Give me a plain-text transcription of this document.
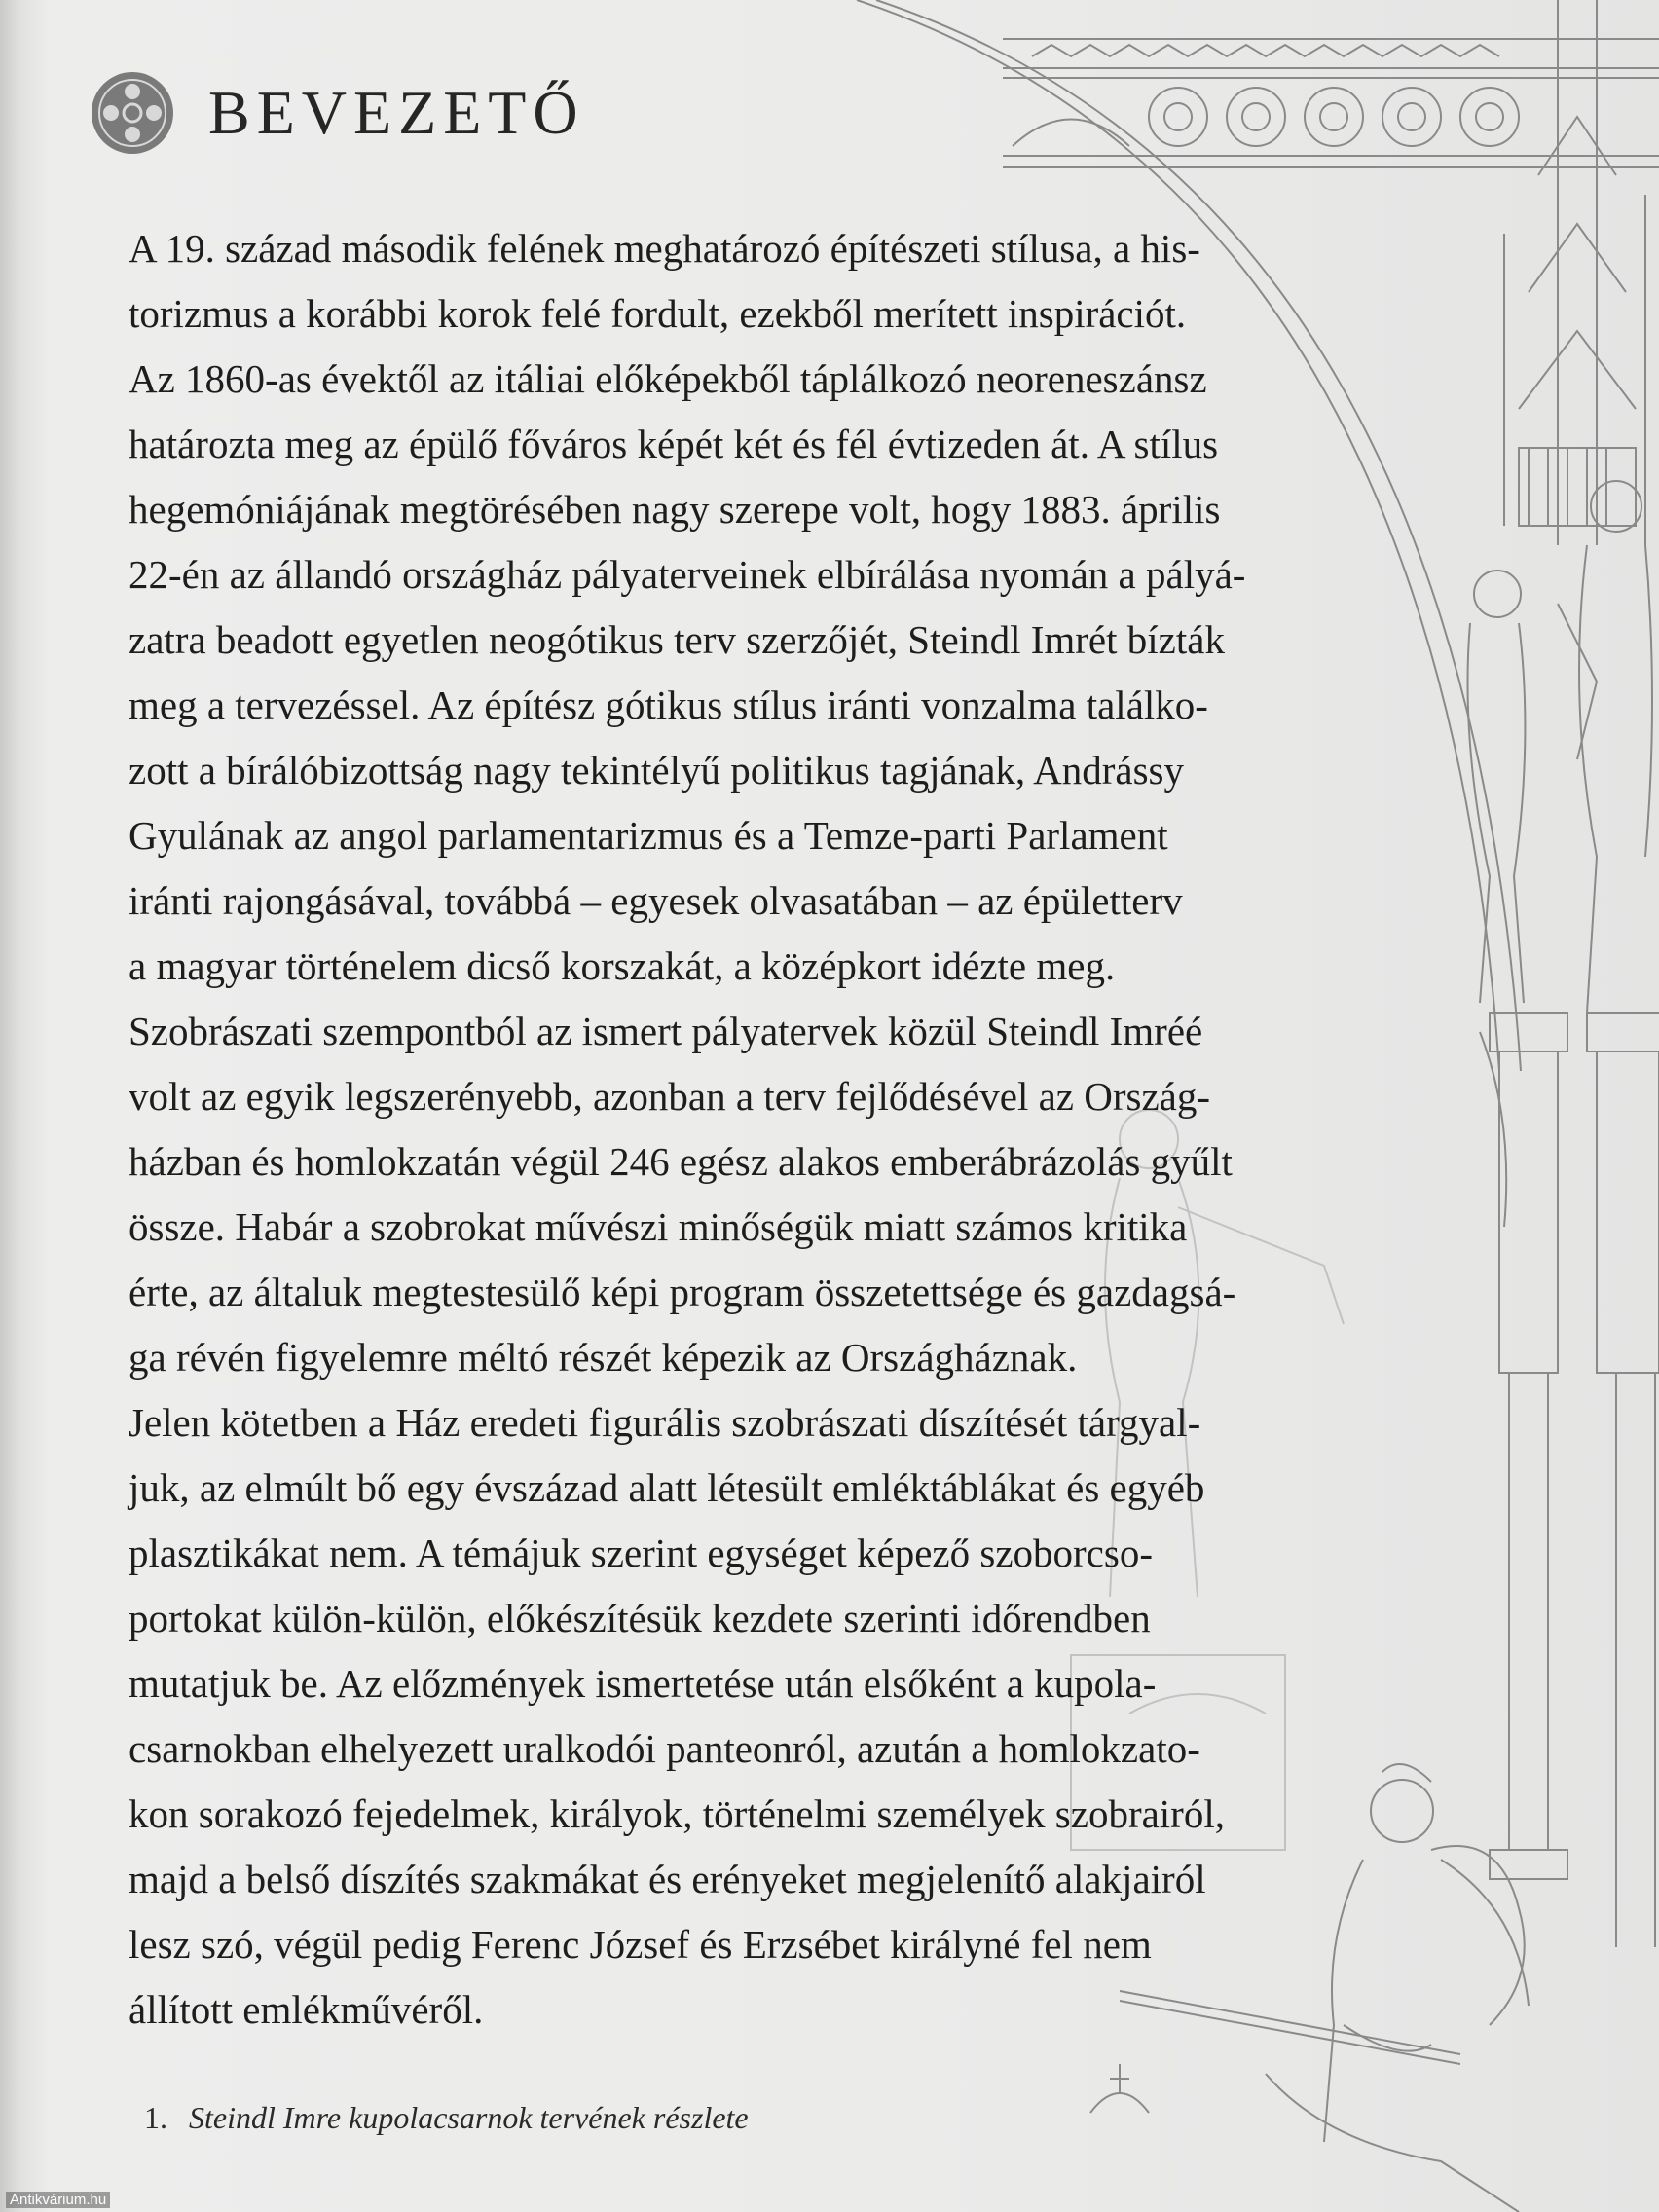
BEVEZETŐ
A 19. század második felének meghatározó építészeti stílusa, a his-
torizmus a korábbi korok felé fordult, ezekből merített inspirációt.
Az 1860-as évektől az itáliai előképekből táplálkozó neoreneszánsz
határozta meg az épülő főváros képét két és fél évtizeden át. A stílus
hegemóniájának megtörésében nagy szerepe volt, hogy 1883. április
22-én az állandó országház pályaterveinek elbírálása nyomán a pályá-
zatra beadott egyetlen neogótikus terv szerzőjét, Steindl Imrét bízták
meg a tervezéssel. Az építész gótikus stílus iránti vonzalma találko-
zott a bírálóbizottság nagy tekintélyű politikus tagjának, Andrássy
Gyulának az angol parlamentarizmus és a Temze-parti Parlament
iránti rajongásával, továbbá – egyesek olvasatában – az épületterv
a magyar történelem dicső korszakát, a középkort idézte meg.
Szobrászati szempontból az ismert pályatervek közül Steindl Imréé
volt az egyik legszerényebb, azonban a terv fejlődésével az Ország-
házban és homlokzatán végül 246 egész alakos emberábrázolás gyűlt
össze. Habár a szobrokat művészi minőségük miatt számos kritika
érte, az általuk megtestesülő képi program összetettsége és gazdagsá-
ga révén figyelemre méltó részét képezik az Országháznak.
Jelen kötetben a Ház eredeti figurális szobrászati díszítését tárgyal-
juk, az elmúlt bő egy évszázad alatt létesült emléktáblákat és egyéb
plasztikákat nem. A témájuk szerint egységet képező szoborcso-
portokat külön-külön, előkészítésük kezdete szerinti időrendben
mutatjuk be. Az előzmények ismertetése után elsőként a kupola-
csarnokban elhelyezett uralkodói panteonról, azután a homlokzato-
kon sorakozó fejedelmek, királyok, történelmi személyek szobrairól,
majd a belső díszítés szakmákat és erényeket megjelenítő alakjairól
lesz szó, végül pedig Ferenc József és Erzsébet királyné fel nem
állított emlékművéről.
1. Steindl Imre kupolacsarnok tervének részlete
Antikvárium.hu
